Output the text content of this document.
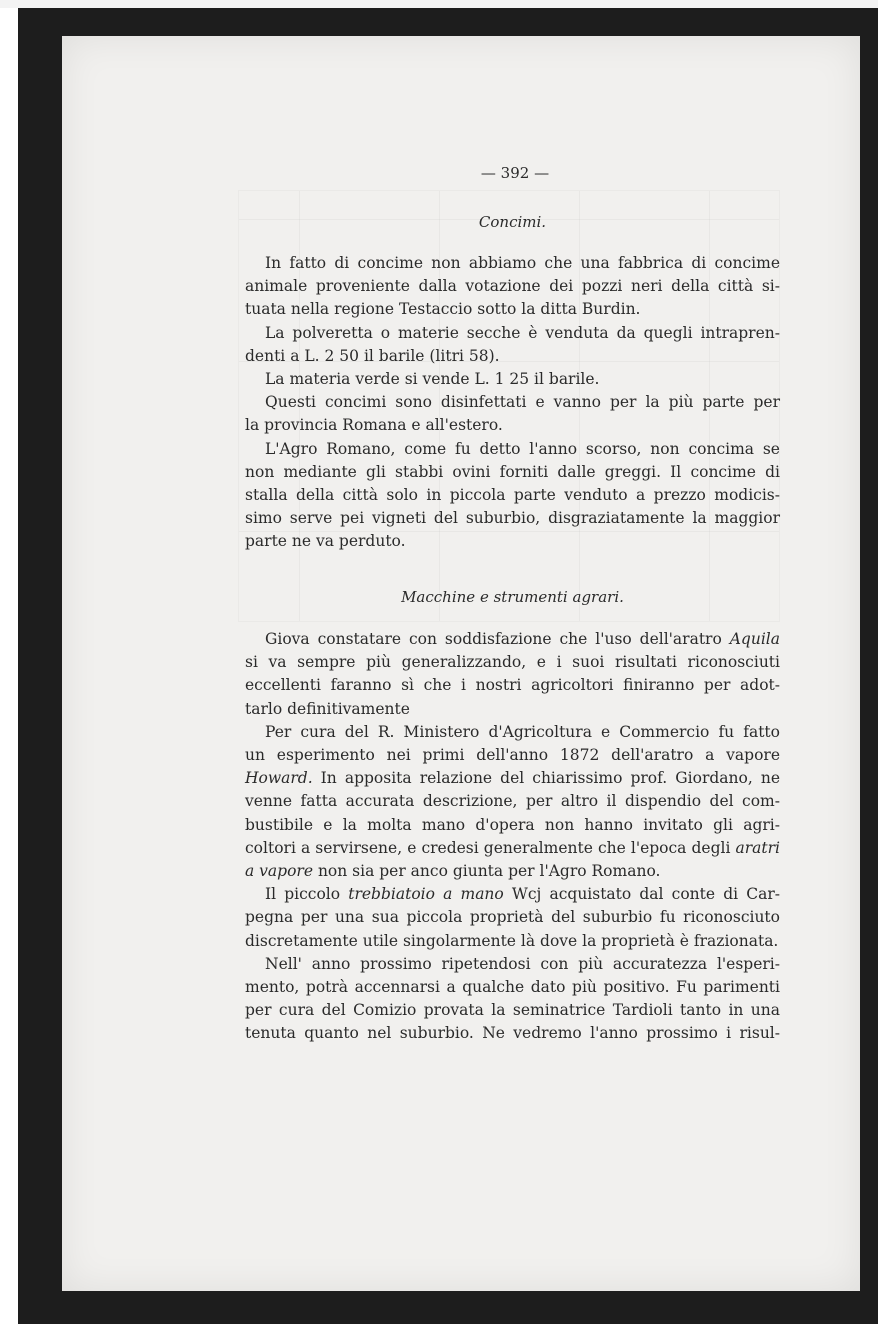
— 392 —
Concimi.
In fatto di concime non abbiamo che una fabbrica di concime
animale proveniente dalla votazione dei pozzi neri della città si-
tuata nella regione Testaccio sotto la ditta Burdin.
La polveretta o materie secche è venduta da quegli intrapren-
denti a L. 2 50 il barile (litri 58).
La materia verde si vende L. 1 25 il barile.
Questi concimi sono disinfettati e vanno per la più parte per
la provincia Romana e all'estero.
L'Agro Romano, come fu detto l'anno scorso, non concima se
non mediante gli stabbi ovini forniti dalle greggi. Il concime di
stalla della città solo in piccola parte venduto a prezzo modicis-
simo serve pei vigneti del suburbio, disgraziatamente la maggior
parte ne va perduto.
Macchine e strumenti agrari.
Giova constatare con soddisfazione che l'uso dell'aratro Aquila
si va sempre più generalizzando, e i suoi risultati riconosciuti
eccellenti faranno sì che i nostri agricoltori finiranno per adot-
tarlo definitivamente
Per cura del R. Ministero d'Agricoltura e Commercio fu fatto
un esperimento nei primi dell'anno 1872 dell'aratro a vapore
Howard. In apposita relazione del chiarissimo prof. Giordano, ne
venne fatta accurata descrizione, per altro il dispendio del com-
bustibile e la molta mano d'opera non hanno invitato gli agri-
coltori a servirsene, e credesi generalmente che l'epoca degli aratri
a vapore non sia per anco giunta per l'Agro Romano.
Il piccolo trebbiatoio a mano Wcj acquistato dal conte di Car-
pegna per una sua piccola proprietà del suburbio fu riconosciuto
discretamente utile singolarmente là dove la proprietà è frazionata.
Nell' anno prossimo ripetendosi con più accuratezza l'esperi-
mento, potrà accennarsi a qualche dato più positivo. Fu parimenti
per cura del Comizio provata la seminatrice Tardioli tanto in una
tenuta quanto nel suburbio. Ne vedremo l'anno prossimo i risul-
